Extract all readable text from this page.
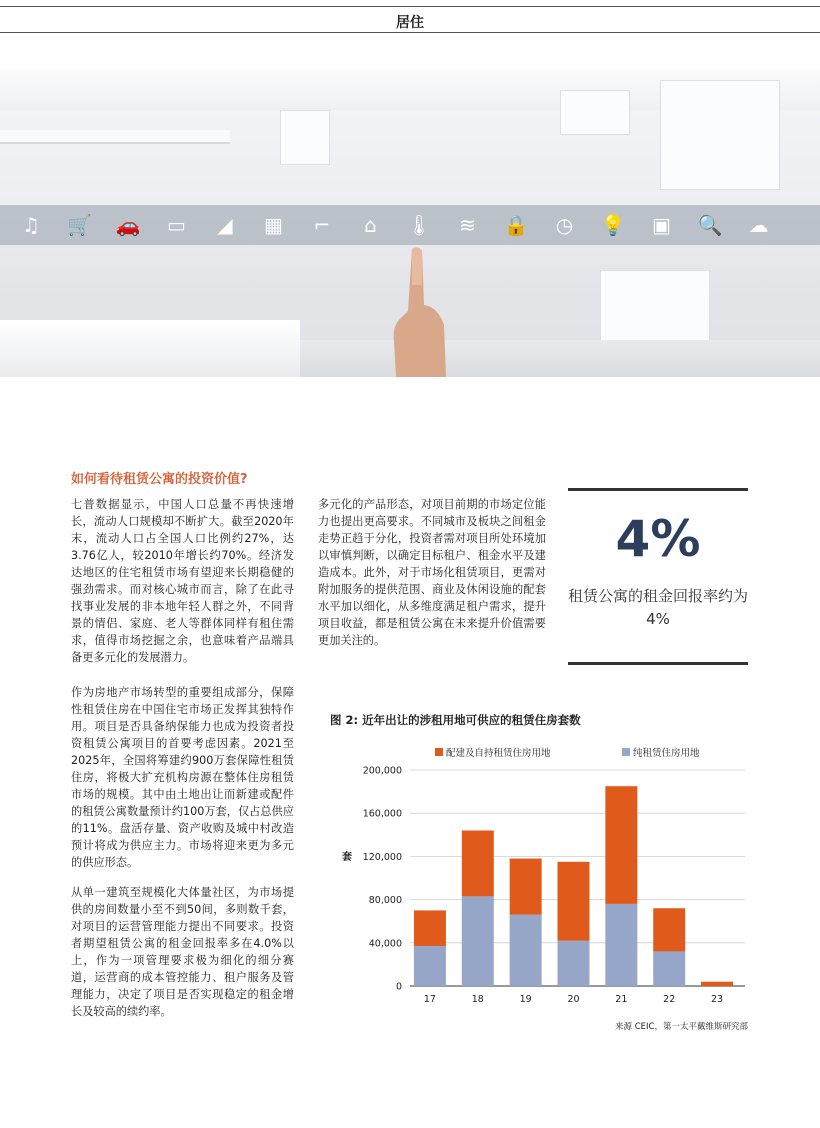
居住
♫ 🛒 🚗 ▭ ◢ ▦ ⌐	⌂	🌡 ≋ 🔒 ◷ 💡 ▣ 🔍 ☁
如何看待租赁公寓的投资价值?
七普数据显示，中国人口总量不再快速增长，流动人口规模却不断扩大。截至2020年末，流动人口占全国人口比例约27%，达3.76亿人，较2010年增长约70%。经济发达地区的住宅租赁市场有望迎来长期稳健的强劲需求。而对核心城市而言，除了在此寻找事业发展的非本地年轻人群之外，不同背景的情侣、家庭、老人等群体同样有租住需求，值得市场挖掘之余，也意味着产品端具备更多元化的发展潜力。
作为房地产市场转型的重要组成部分，保障性租赁住房在中国住宅市场正发挥其独特作用。项目是否具备纳保能力也成为投资者投资租赁公寓项目的首要考虑因素。2021至2025年，全国将筹建约900万套保障性租赁住房，将极大扩充机构房源在整体住房租赁市场的规模。其中由土地出让而新建或配件的租赁公寓数量预计约100万套，仅占总供应的11%。盘活存量、资产收购及城中村改造预计将成为供应主力。市场将迎来更为多元的供应形态。
从单一建筑至规模化大体量社区，为市场提供的房间数量小至不到50间，多则数千套，对项目的运营管理能力提出不同要求。投资者期望租赁公寓的租金回报率多在4.0%以上，作为一项管理要求极为细化的细分赛道，运营商的成本管控能力、租户服务及管理能力，决定了项目是否实现稳定的租金增长及较高的续约率。
多元化的产品形态，对项目前期的市场定位能力也提出更高要求。不同城市及板块之间租金走势正趋于分化，投资者需对项目所处环境加以审慎判断，以确定目标租户、租金水平及建造成本。此外，对于市场化租赁项目，更需对附加服务的提供范围、商业及休闲设施的配套水平加以细化，从多维度满足租户需求，提升项目收益，都是租赁公寓在未来提升价值需要更加关注的。
4%
租赁公寓的租金回报率约为4%
图 2: 近年出让的涉租用地可供应的租赁住房套数
配建及自持租赁住房用地	纯租赁住房用地
0
40,000
80,000
120,000
160,000
200,000
套
17	18	19	20	21	22	23
来源 CEIC，第一太平戴维斯研究部
